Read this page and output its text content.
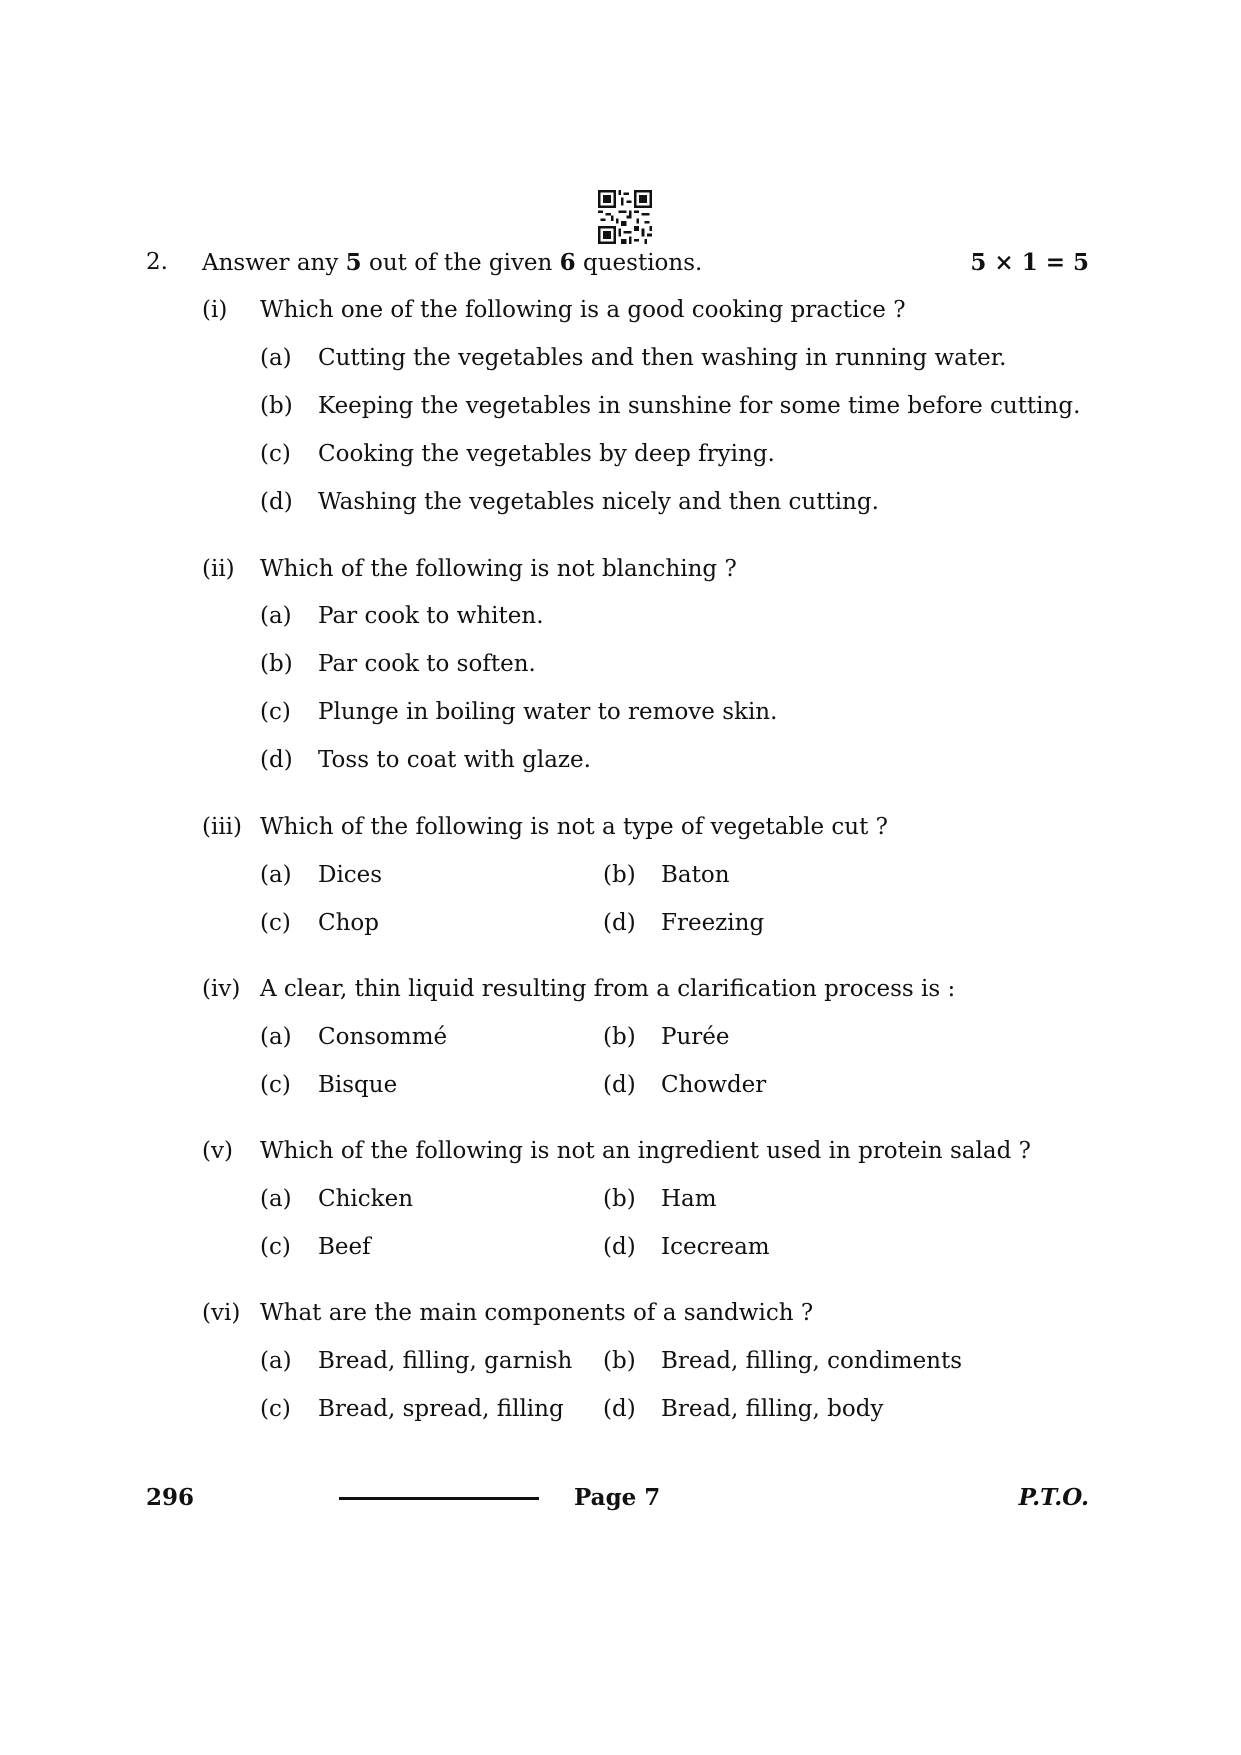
2. Answer any 5 out of the given 6 questions.	5 × 1 = 5
(i) Which one of the following is a good cooking practice ?
(a) Cutting the vegetables and then washing in running water.
(b) Keeping the vegetables in sunshine for some time before cutting.
(c) Cooking the vegetables by deep frying.
(d) Washing the vegetables nicely and then cutting.
(ii) Which of the following is not blanching ?
(a) Par cook to whiten.
(b) Par cook to soften.
(c) Plunge in boiling water to remove skin.
(d) Toss to coat with glaze.
(iii) Which of the following is not a type of vegetable cut ?
(a) Dices	(b) Baton
(c) Chop	(d) Freezing
(iv) A clear, thin liquid resulting from a clarification process is :
(a) Consommé	(b) Purée
(c) Bisque	(d) Chowder
(v) Which of the following is not an ingredient used in protein salad ?
(a) Chicken	(b) Ham
(c) Beef	(d) Icecream
(vi) What are the main components of a sandwich ?
(a) Bread, filling, garnish (b) Bread, filling, condiments
(c) Bread, spread, filling (d) Bread, filling, body
296	Page 7	P.T.O.
